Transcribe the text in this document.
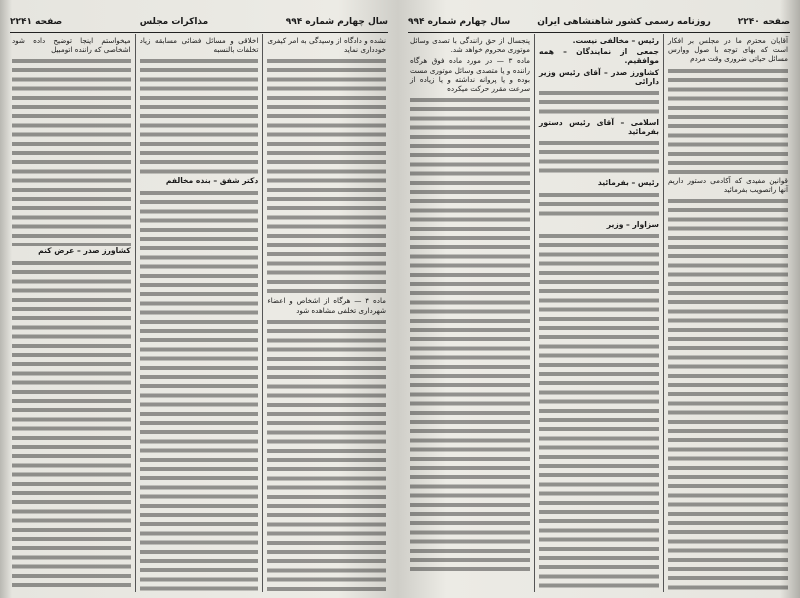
سال چهارم شماره ۹۹۴
مذاکرات مجلس
صفحه ۲۲۴۱

نشده و دادگاه از وسیدگی به امر کیفری خودداری نماید

ماده ۴ — هرگاه از اشخاص و اعضاء شهرداری تخلفی مشاهده شود

اخلاقی و مسائل فضائی مسابقه زیاد تخلفات بالنسبه

دکتر شفق – بنده مخالفم

میخواستم اینجا توضیح داده شود اشخاصی که راننده اتومبیل

کشاورز صدر – عرض کنم

صفحه ۲۲۴۰
روزنامه رسمی کشور شاهنشاهی ایران
سال چهارم شماره ۹۹۴

آقایان محترم ما در مجلس بر افکار است که بهای توجه با صول ووارس مسائل حیاتی ضروری وقت مردم

قوانین مفیدی که آکادمی دستور داریم آنها راتصویب بفرمائید

رئیس – مخالفی نیست.

جمعی از نمایندگان – همه موافقیم.

کشاورز صدر – آقای رئیس وزیر دارائی

اسلامی – آقای رئیس دستور بفرمائید

رئیس – بفرمائید

سزاوار – وزیر

پنجسال از حق رانندگی با تصدی وسائل موتوری محروم خواهد شد.

ماده ۳ — در مورد ماده فوق هرگاه راننده و یا متصدی وسائل موتوری مست بوده و یا پروانه نداشته و یا زیاده از سرعت مقرر حرکت میکرده
